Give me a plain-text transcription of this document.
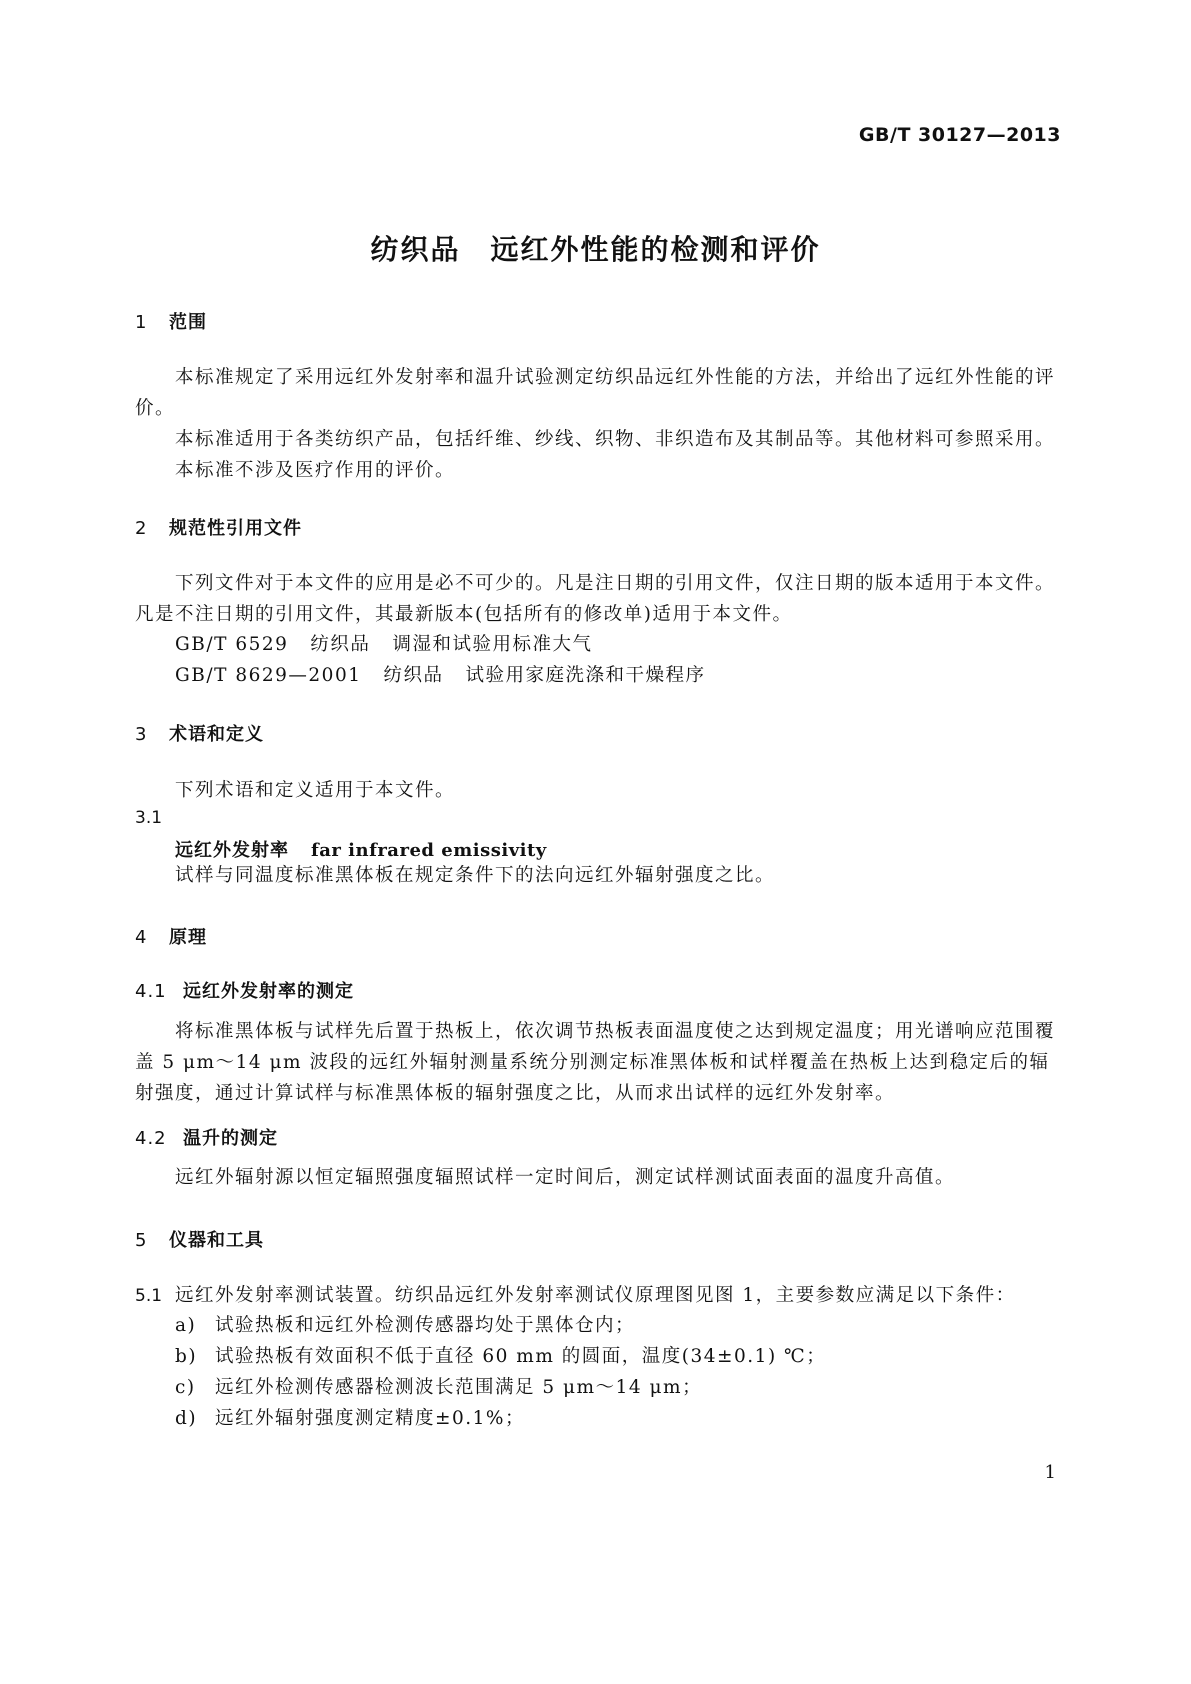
GB/T 30127—2013
纺织品　远红外性能的检测和评价
1 范围
本标准规定了采用远红外发射率和温升试验测定纺织品远红外性能的方法，并给出了远红外性能的评价。
本标准适用于各类纺织产品，包括纤维、纱线、织物、非织造布及其制品等。其他材料可参照采用。
本标准不涉及医疗作用的评价。
2 规范性引用文件
下列文件对于本文件的应用是必不可少的。凡是注日期的引用文件，仅注日期的版本适用于本文件。凡是不注日期的引用文件，其最新版本(包括所有的修改单)适用于本文件。
GB/T 6529 纺织品 调湿和试验用标准大气
GB/T 8629—2001 纺织品 试验用家庭洗涤和干燥程序
3 术语和定义
下列术语和定义适用于本文件。
3.1
远红外发射率 far infrared emissivity
试样与同温度标准黑体板在规定条件下的法向远红外辐射强度之比。
4 原理
4.1 远红外发射率的测定
将标准黑体板与试样先后置于热板上，依次调节热板表面温度使之达到规定温度；用光谱响应范围覆盖 5 μm～14 μm 波段的远红外辐射测量系统分别测定标准黑体板和试样覆盖在热板上达到稳定后的辐射强度，通过计算试样与标准黑体板的辐射强度之比，从而求出试样的远红外发射率。
4.2 温升的测定
远红外辐射源以恒定辐照强度辐照试样一定时间后，测定试样测试面表面的温度升高值。
5 仪器和工具
5.1 远红外发射率测试装置。纺织品远红外发射率测试仪原理图见图 1，主要参数应满足以下条件：
a) 试验热板和远红外检测传感器均处于黑体仓内；
b) 试验热板有效面积不低于直径 60 mm 的圆面，温度(34±0.1) ℃；
c) 远红外检测传感器检测波长范围满足 5 μm～14 μm；
d) 远红外辐射强度测定精度±0.1%；
1
